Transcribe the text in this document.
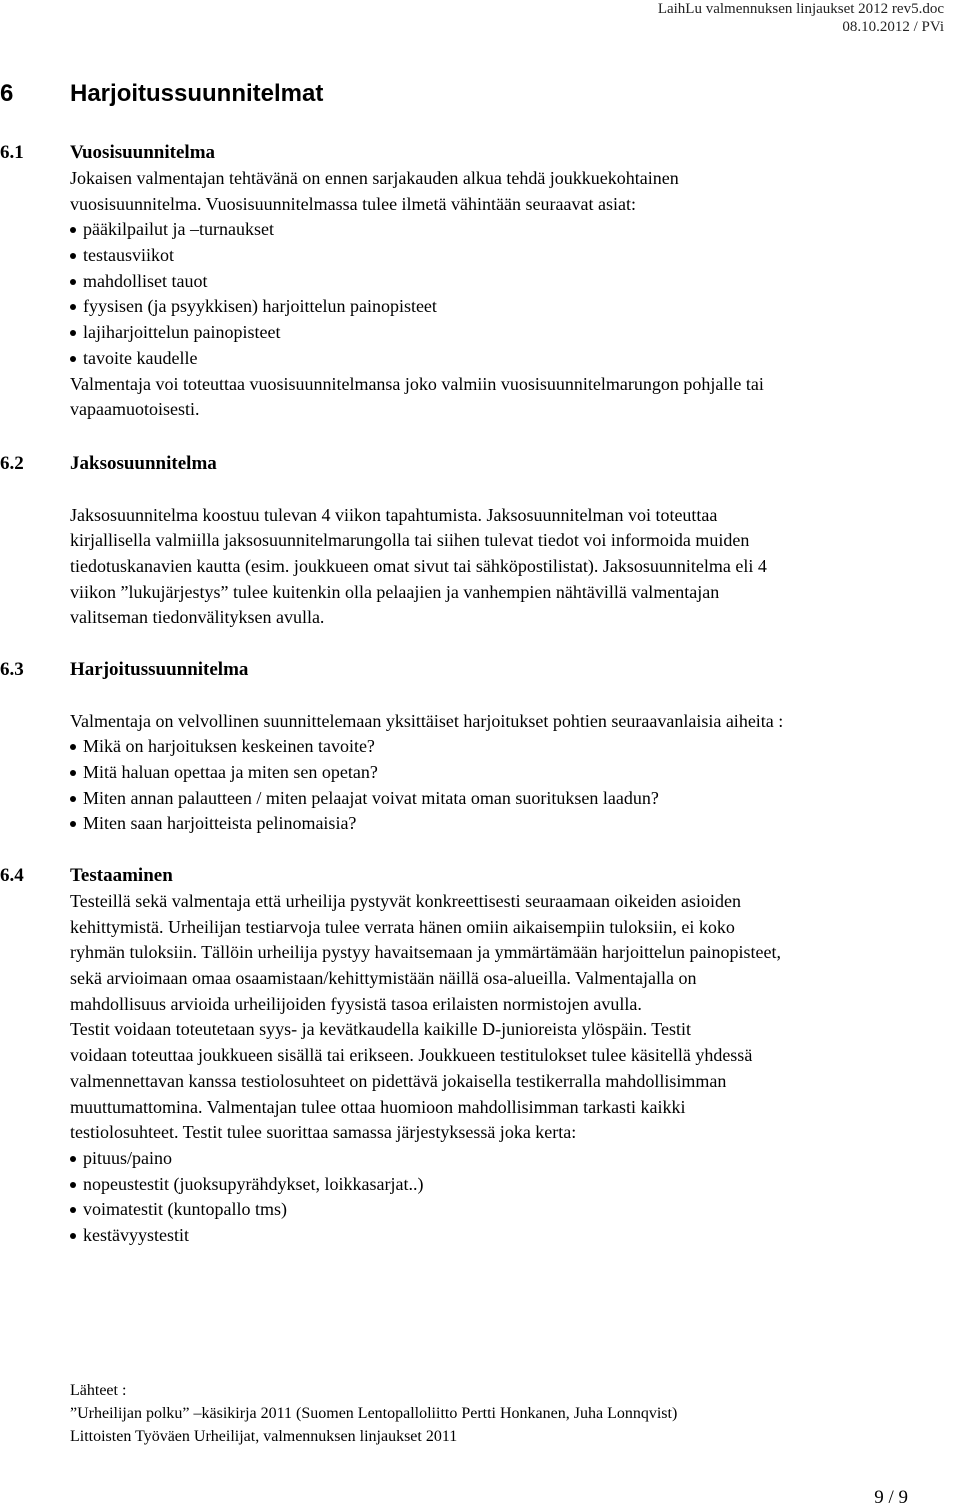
LaihLu valmennuksen linjaukset 2012 rev5.doc
08.10.2012 / PVi
6 Harjoitussuunnitelmat
6.1 Vuosisuunnitelma
Jokaisen valmentajan tehtävänä on ennen sarjakauden alkua tehdä joukkuekohtainen
vuosisuunnitelma. Vuosisuunnitelmassa tulee ilmetä vähintään seuraavat asiat:
pääkilpailut ja –turnaukset
testausviikot
mahdolliset tauot
fyysisen (ja psyykkisen) harjoittelun painopisteet
lajiharjoittelun painopisteet
tavoite kaudelle
Valmentaja voi toteuttaa vuosisuunnitelmansa joko valmiin vuosisuunnitelmarungon pohjalle tai
vapaamuotoisesti.
6.2 Jaksosuunnitelma
Jaksosuunnitelma koostuu tulevan 4 viikon tapahtumista. Jaksosuunnitelman voi toteuttaa
kirjallisella valmiilla jaksosuunnitelmarungolla tai siihen tulevat tiedot voi informoida muiden
tiedotuskanavien kautta (esim. joukkueen omat sivut tai sähköpostilistat). Jaksosuunnitelma eli 4
viikon ”lukujärjestys” tulee kuitenkin olla pelaajien ja vanhempien nähtävillä valmentajan
valitseman tiedonvälityksen avulla.
6.3 Harjoitussuunnitelma
Valmentaja on velvollinen suunnittelemaan yksittäiset harjoitukset pohtien seuraavanlaisia aiheita :
Mikä on harjoituksen keskeinen tavoite?
Mitä haluan opettaa ja miten sen opetan?
Miten annan palautteen / miten pelaajat voivat mitata oman suorituksen laadun?
Miten saan harjoitteista pelinomaisia?
6.4 Testaaminen
Testeillä sekä valmentaja että urheilija pystyvät konkreettisesti seuraamaan oikeiden asioiden
kehittymistä. Urheilijan testiarvoja tulee verrata hänen omiin aikaisempiin tuloksiin, ei koko
ryhmän tuloksiin. Tällöin urheilija pystyy havaitsemaan ja ymmärtämään harjoittelun painopisteet,
sekä arvioimaan omaa osaamistaan/kehittymistään näillä osa-alueilla. Valmentajalla on
mahdollisuus arvioida urheilijoiden fyysistä tasoa erilaisten normistojen avulla.
Testit voidaan toteutetaan syys- ja kevätkaudella kaikille D-junioreista ylöspäin. Testit
voidaan toteuttaa joukkueen sisällä tai erikseen. Joukkueen testitulokset tulee käsitellä yhdessä
valmennettavan kanssa testiolosuhteet on pidettävä jokaisella testikerralla mahdollisimman
muuttumattomina. Valmentajan tulee ottaa huomioon mahdollisimman tarkasti kaikki
testiolosuhteet. Testit tulee suorittaa samassa järjestyksessä joka kerta:
pituus/paino
nopeustestit (juoksupyrähdykset, loikkasarjat..)
voimatestit (kuntopallo tms)
kestävyystestit
Lähteet :
”Urheilijan polku” –käsikirja 2011 (Suomen Lentopalloliitto Pertti Honkanen, Juha Lonnqvist)
Littoisten Työväen Urheilijat, valmennuksen linjaukset 2011
9 / 9
